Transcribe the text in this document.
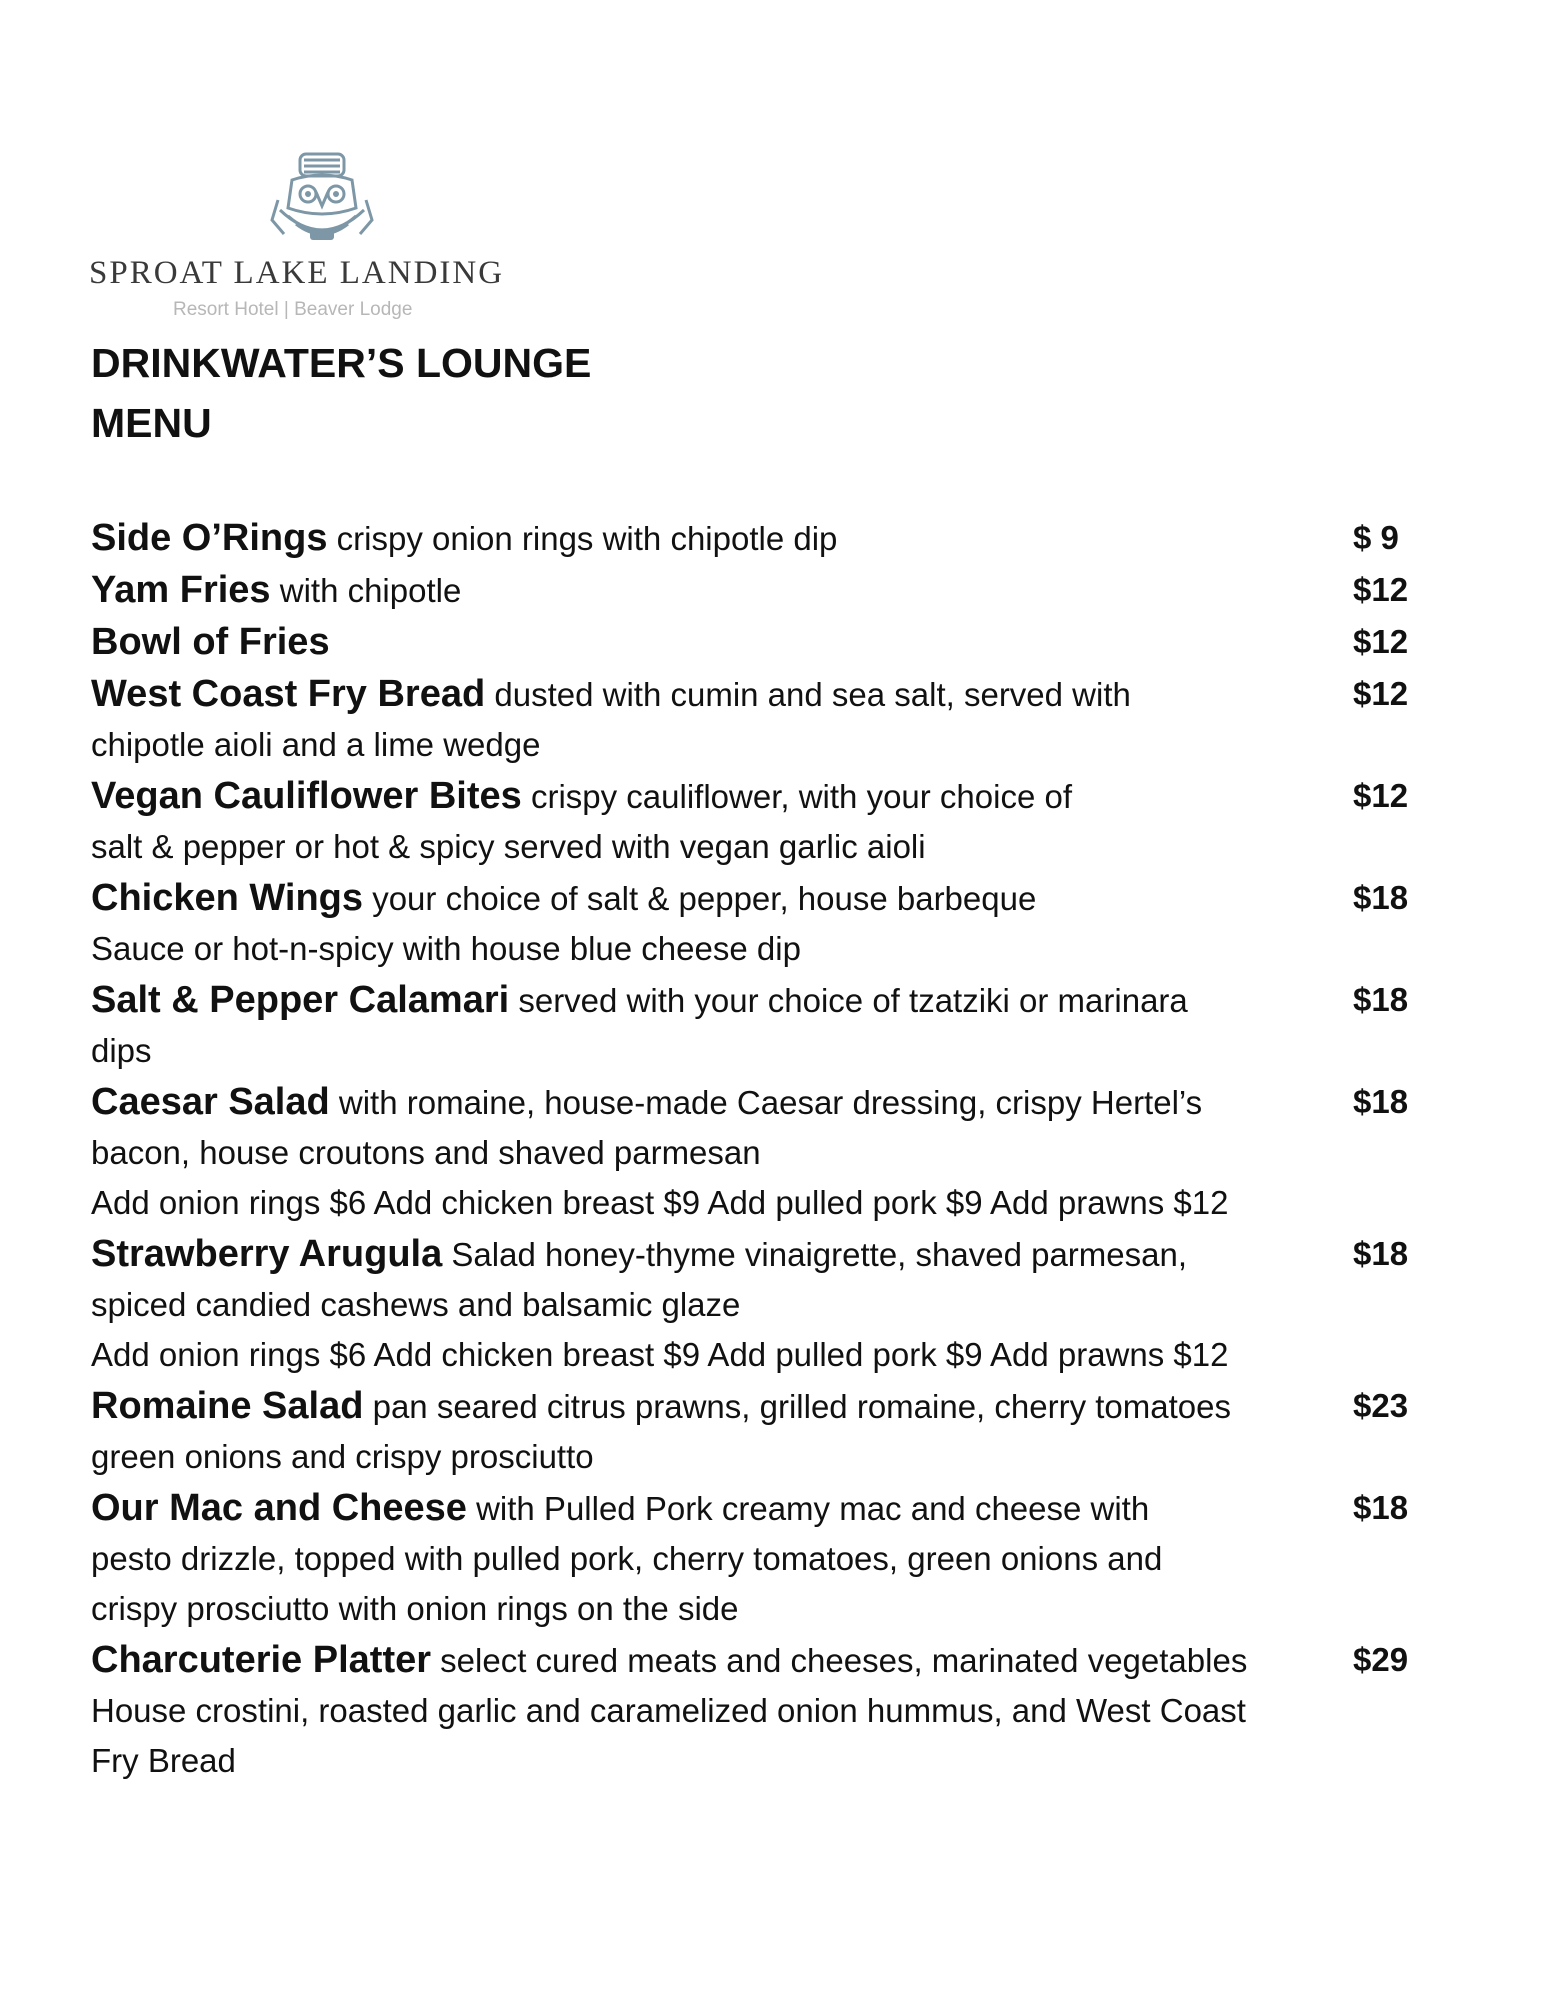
SPROAT LAKE LANDING
Resort Hotel | Beaver Lodge
DRINKWATER’S LOUNGE
MENU
Side O’Rings crispy onion rings with chipotle dip	$ 9
Yam Fries with chipotle	$12
Bowl of Fries	$12
West Coast Fry Bread dusted with cumin and sea salt, served with	$12
chipotle aioli and a lime wedge
Vegan Cauliflower Bites crispy cauliflower, with your choice of	$12
salt & pepper or hot & spicy served with vegan garlic aioli
Chicken Wings your choice of salt & pepper, house barbeque	$18
Sauce or hot-n-spicy with house blue cheese dip
Salt & Pepper Calamari served with your choice of tzatziki or marinara	$18
dips
Caesar Salad with romaine, house-made Caesar dressing, crispy Hertel’s	$18
bacon, house croutons and shaved parmesan
Add onion rings $6 Add chicken breast $9 Add pulled pork $9 Add prawns $12
Strawberry Arugula Salad honey-thyme vinaigrette, shaved parmesan,	$18
spiced candied cashews and balsamic glaze
Add onion rings $6 Add chicken breast $9 Add pulled pork $9 Add prawns $12
Romaine Salad pan seared citrus prawns, grilled romaine, cherry tomatoes	$23
green onions and crispy prosciutto
Our Mac and Cheese with Pulled Pork creamy mac and cheese with	$18
pesto drizzle, topped with pulled pork, cherry tomatoes, green onions and
crispy prosciutto with onion rings on the side
Charcuterie Platter select cured meats and cheeses, marinated vegetables	$29
House crostini, roasted garlic and caramelized onion hummus, and West Coast
Fry Bread
